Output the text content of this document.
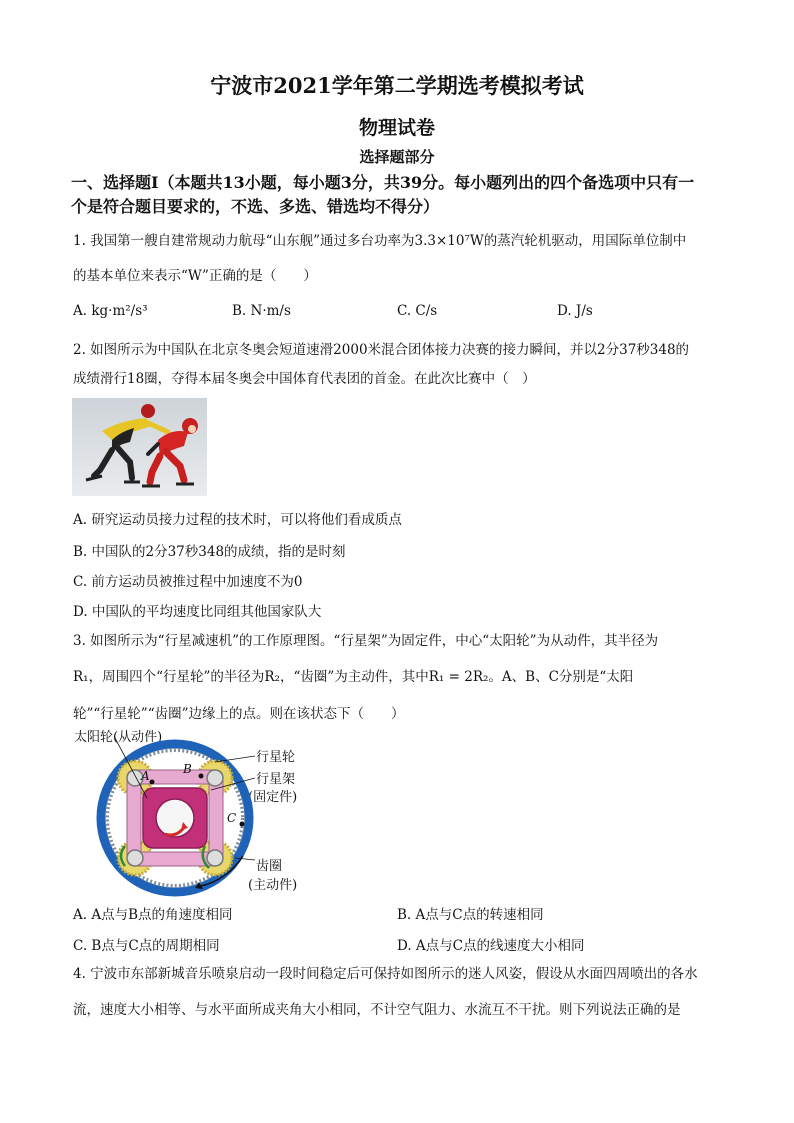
宁波市2021学年第二学期选考模拟考试
物理试卷
选择题部分
一、选择题Ⅰ（本题共13小题，每小题3分，共39分。每小题列出的四个备选项中只有一
个是符合题目要求的，不选、多选、错选均不得分）
1. 我国第一艘自建常规动力航母“山东舰”通过多台功率为3.3×10⁷W的蒸汽轮机驱动，用国际单位制中
的基本单位来表示“W”正确的是（　　）
A. kg·m²/s³	B. N·m/s	C. C/s	D. J/s
2. 如图所示为中国队在北京冬奥会短道速滑2000米混合团体接力决赛的接力瞬间，并以2分37秒348的
成绩滑行18圈，夺得本届冬奥会中国体育代表团的首金。在此次比赛中（　）
A. 研究运动员接力过程的技术时，可以将他们看成质点
B. 中国队的2分37秒348的成绩，指的是时刻
C. 前方运动员被推过程中加速度不为0
D. 中国队的平均速度比同组其他国家队大
3. 如图所示为“行星减速机”的工作原理图。“行星架”为固定件，中心“太阳轮”为从动件，其半径为
R₁，周围四个“行星轮”的半径为R₂，“齿圈”为主动件，其中R₁ = 2R₂。A、B、C分别是“太阳
轮”“行星轮”“齿圈”边缘上的点。则在该状态下（　　）
太阳轮(从动件)
行星轮
行星架
(固定件)
齿圈
(主动件)
A	B
C
A. A点与B点的角速度相同	B. A点与C点的转速相同
C. B点与C点的周期相同	D. A点与C点的线速度大小相同
4. 宁波市东部新城音乐喷泉启动一段时间稳定后可保持如图所示的迷人风姿，假设从水面四周喷出的各水
流，速度大小相等、与水平面所成夹角大小相同，不计空气阻力、水流互不干扰。则下列说法正确的是
